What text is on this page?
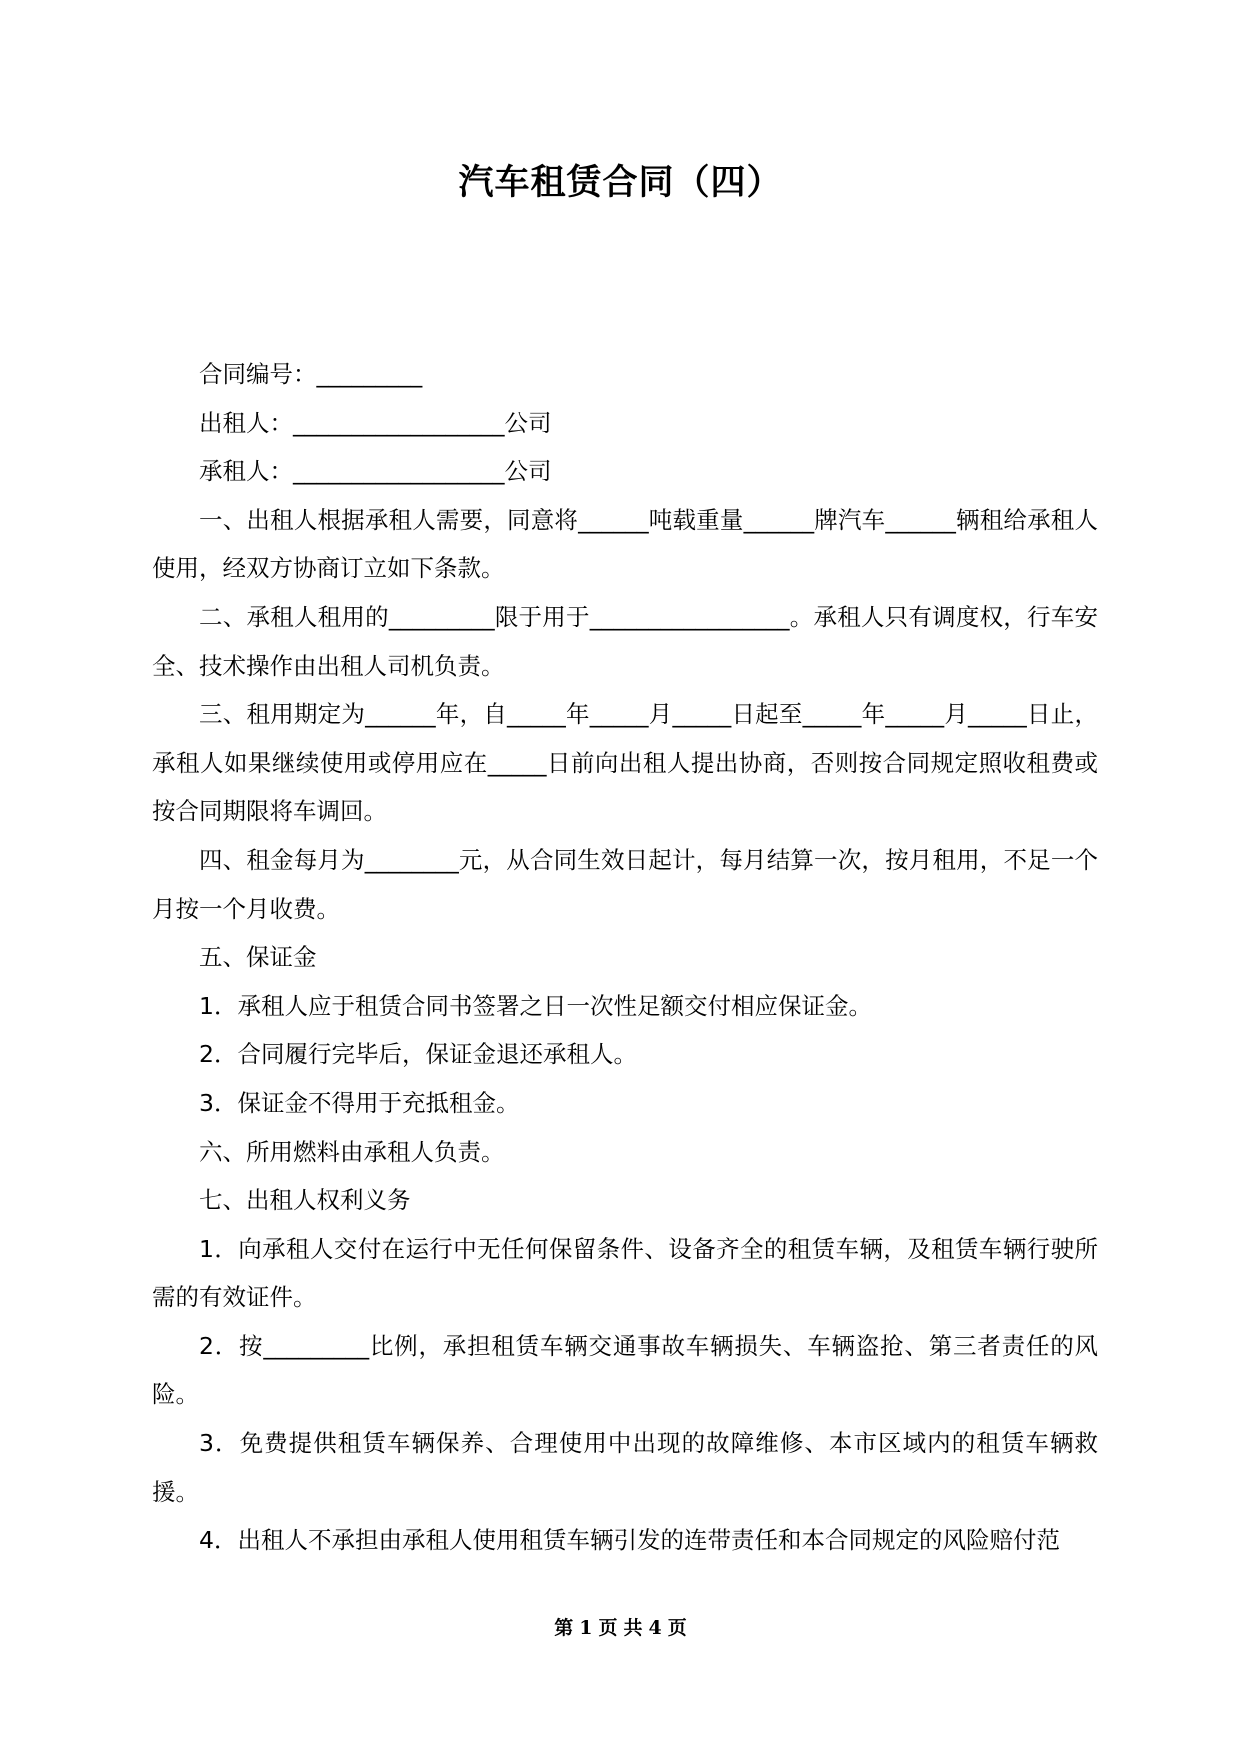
汽车租赁合同（四）

合同编号：_________

出租人：__________________公司

承租人：__________________公司

一、出租人根据承租人需要，同意将______吨载重量______牌汽车______辆租给承租人使用，经双方协商订立如下条款。

二、承租人租用的_________限于用于_________________。承租人只有调度权，行车安全、技术操作由出租人司机负责。

三、租用期定为______年，自_____年_____月_____日起至_____年_____月_____日止，承租人如果继续使用或停用应在_____日前向出租人提出协商，否则按合同规定照收租费或按合同期限将车调回。

四、租金每月为________元，从合同生效日起计，每月结算一次，按月租用，不足一个月按一个月收费。

五、保证金

1．承租人应于租赁合同书签署之日一次性足额交付相应保证金。

2．合同履行完毕后，保证金退还承租人。

3．保证金不得用于充抵租金。

六、所用燃料由承租人负责。

七、出租人权利义务

1．向承租人交付在运行中无任何保留条件、设备齐全的租赁车辆，及租赁车辆行驶所需的有效证件。

2．按_________比例，承担租赁车辆交通事故车辆损失、车辆盗抢、第三者责任的风险。

3．免费提供租赁车辆保养、合理使用中出现的故障维修、本市区域内的租赁车辆救援。

4．出租人不承担由承租人使用租赁车辆引发的连带责任和本合同规定的风险赔付范

第 1 页 共 4 页
